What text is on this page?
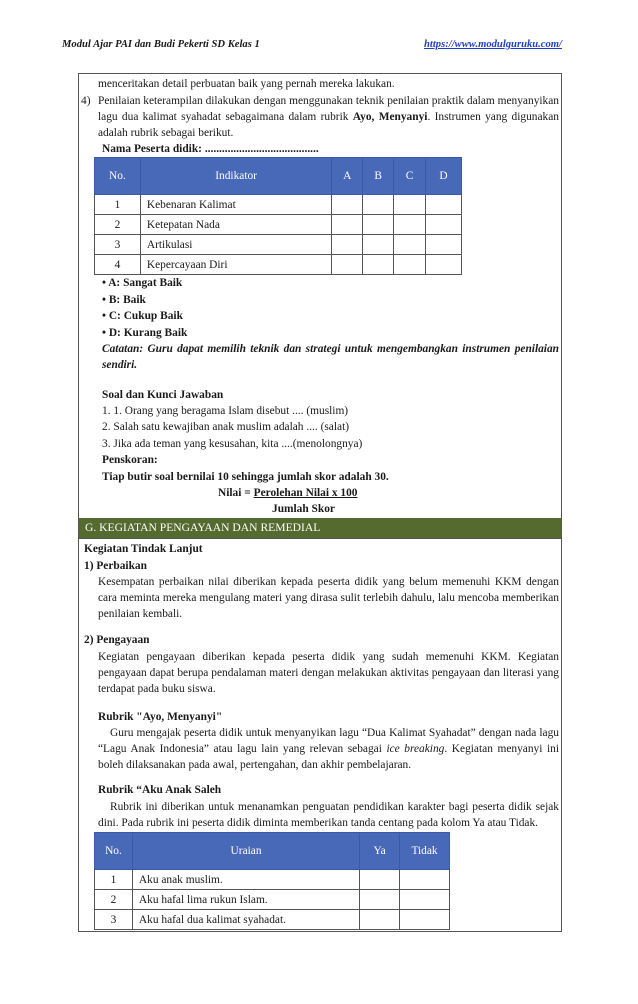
Modul Ajar PAI dan Budi Pekerti SD Kelas 1	https://www.modulguruku.com/
menceritakan detail perbuatan baik yang pernah mereka lakukan.
4) Penilaian keterampilan dilakukan dengan menggunakan teknik penilaian praktik dalam menyanyikan lagu dua kalimat syahadat sebagaimana dalam rubrik Ayo, Menyanyi. Instrumen yang digunakan adalah rubrik sebagai berikut.
Nama Peserta didik: ........................................
No.	Indikator	A	B	C	D
1	Kebenaran Kalimat				
2	Ketepatan Nada				
3	Artikulasi				
4	Kepercayaan Diri				
• A: Sangat Baik
• B: Baik
• C: Cukup Baik
• D: Kurang Baik
Catatan: Guru dapat memilih teknik dan strategi untuk mengembangkan instrumen penilaian sendiri.
Soal dan Kunci Jawaban
1. 1. Orang yang beragama Islam disebut .... (muslim)
2. Salah satu kewajiban anak muslim adalah .... (salat)
3. Jika ada teman yang kesusahan, kita ....(menolongnya)
Penskoran:
Tiap butir soal bernilai 10 sehingga jumlah skor adalah 30.
Nilai = Perolehan Nilai x 100
Jumlah Skor
G. KEGIATAN PENGAYAAN DAN REMEDIAL
Kegiatan Tindak Lanjut
1) Perbaikan
Kesempatan perbaikan nilai diberikan kepada peserta didik yang belum memenuhi KKM dengan cara meminta mereka mengulang materi yang dirasa sulit terlebih dahulu, lalu mencoba memberikan penilaian kembali.
2) Pengayaan
Kegiatan pengayaan diberikan kepada peserta didik yang sudah memenuhi KKM. Kegiatan pengayaan dapat berupa pendalaman materi dengan melakukan aktivitas pengayaan dan literasi yang terdapat pada buku siswa.
Rubrik "Ayo, Menyanyi"
Guru mengajak peserta didik untuk menyanyikan lagu “Dua Kalimat Syahadat” dengan nada lagu “Lagu Anak Indonesia” atau lagu lain yang relevan sebagai ice breaking. Kegiatan menyanyi ini boleh dilaksanakan pada awal, pertengahan, dan akhir pembelajaran.
Rubrik “Aku Anak Saleh
Rubrik ini diberikan untuk menanamkan penguatan pendidikan karakter bagi peserta didik sejak dini. Pada rubrik ini peserta didik diminta memberikan tanda centang pada kolom Ya atau Tidak.
No.	Uraian	Ya	Tidak
1	Aku anak muslim.		
2	Aku hafal lima rukun Islam.		
3	Aku hafal dua kalimat syahadat.		
